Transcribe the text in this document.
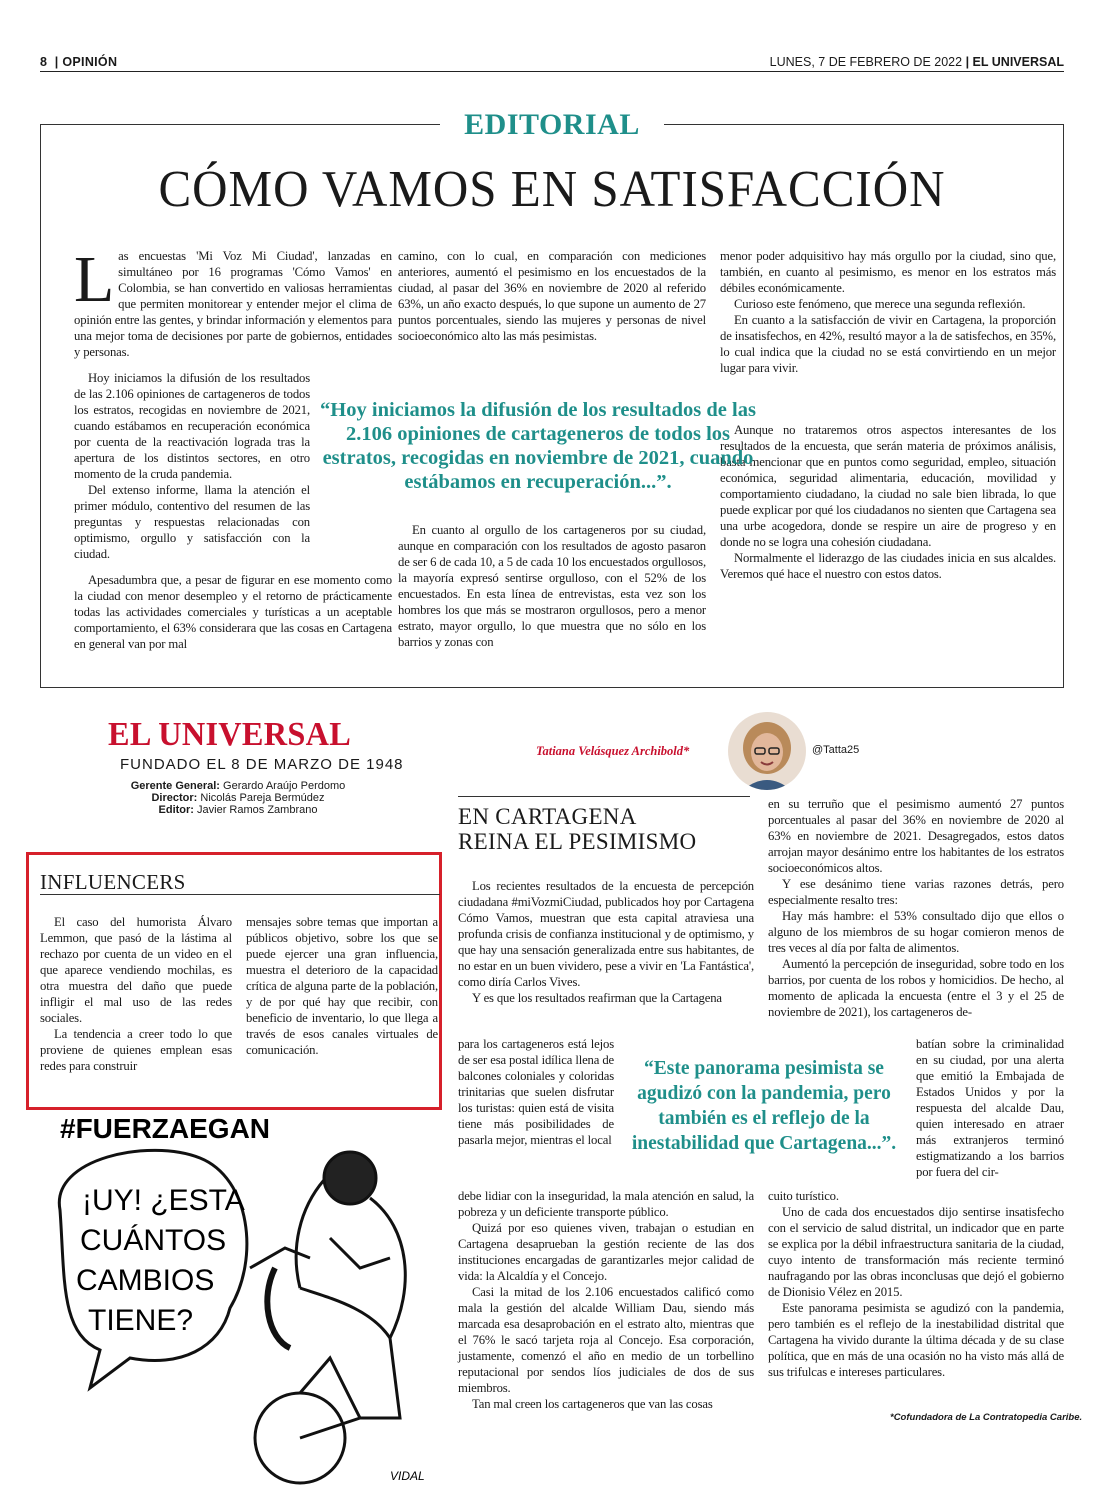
8  | OPINIÓN	LUNES, 7 DE FEBRERO DE 2022 | EL UNIVERSAL
EDITORIAL
CÓMO VAMOS EN SATISFACCIÓN
L as encuestas 'Mi Voz Mi Ciudad', lanzadas en simultáneo por 16 programas 'Cómo Vamos' en Colombia, se han convertido en valiosas herramientas que permiten monitorear y entender mejor el clima de opinión entre las gentes, y brindar información y elementos para una mejor toma de decisiones por parte de gobiernos, entidades y personas.

Hoy iniciamos la difusión de los resultados de las 2.106 opiniones de cartageneros de todos los estratos, recogidas en noviembre de 2021, cuando estábamos en recuperación económica por cuenta de la reactivación lograda tras la apertura de los distintos sectores, en otro momento de la cruda pandemia.

Del extenso informe, llama la atención el primer módulo, contentivo del resumen de las preguntas y respuestas relacionadas con optimismo, orgullo y satisfacción con la ciudad.

Apesadumbra que, a pesar de figurar en ese momento como la ciudad con menor desempleo y el retorno de prácticamente todas las actividades comerciales y turísticas a un aceptable comportamiento, el 63% considerara que las cosas en Cartagena en general van por mal

camino, con lo cual, en comparación con mediciones anteriores, aumentó el pesimismo en los encuestados de la ciudad, al pasar del 36% en noviembre de 2020 al referido 63%, un año exacto después, lo que supone un aumento de 27 puntos porcentuales, siendo las mujeres y personas de nivel socioeconómico alto las más pesimistas.

En cuanto al orgullo de los cartageneros por su ciudad, aunque en comparación con los resultados de agosto pasaron de ser 6 de cada 10, a 5 de cada 10 los encuestados orgullosos, la mayoría expresó sentirse orgulloso, con el 52% de los encuestados. En esta línea de entrevistas, esta vez son los hombres los que más se mostraron orgullosos, pero a menor estrato, mayor orgullo, lo que muestra que no sólo en los barrios y zonas con

menor poder adquisitivo hay más orgullo por la ciudad, sino que, también, en cuanto al pesimismo, es menor en los estratos más débiles económicamente.

Curioso este fenómeno, que merece una segunda reflexión.

En cuanto a la satisfacción de vivir en Cartagena, la proporción de insatisfechos, en 42%, resultó mayor a la de satisfechos, en 35%, lo cual indica que la ciudad no se está convirtiendo en un mejor lugar para vivir.

Aunque no trataremos otros aspectos interesantes de los resultados de la encuesta, que serán materia de próximos análisis, basta mencionar que en puntos como seguridad, empleo, situación económica, seguridad alimentaria, educación, movilidad y comportamiento ciudadano, la ciudad no sale bien librada, lo que puede explicar por qué los ciudadanos no sienten que Cartagena sea una urbe acogedora, donde se respire un aire de progreso y en donde no se logra una cohesión ciudadana.

Normalmente el liderazgo de las ciudades inicia en sus alcaldes. Veremos qué hace el nuestro con estos datos.

“Hoy iniciamos la difusión de los resultados de las 2.106 opiniones de cartageneros de todos los estratos, recogidas en noviembre de 2021, cuando estábamos en recuperación...”.
EL UNIVERSAL
FUNDADO EL 8 DE MARZO DE 1948
Gerente General: Gerardo Araújo Perdomo
Director: Nicolás Pareja Bermúdez
Editor: Javier Ramos Zambrano
INFLUENCERS

El caso del humorista Álvaro Lemmon, que pasó de la lástima al rechazo por cuenta de un video en el que aparece vendiendo mochilas, es otra muestra del daño que puede infligir el mal uso de las redes sociales.

La tendencia a creer todo lo que proviene de quienes emplean esas redes para construir

mensajes sobre temas que importan a públicos objetivo, sobre los que se puede ejercer una gran influencia, muestra el deterioro de la capacidad crítica de alguna parte de la población, y de por qué hay que recibir, con beneficio de inventario, lo que llega a través de esos canales virtuales de comunicación.

#FUERZAEGAN
¡UY! ¿ESTA
CUÁNTOS
CAMBIOS
TIENE?
VIDAL
Tatiana Velásquez Archibold*	@Tatta25
EN CARTAGENA
REINA EL PESIMISMO

Los recientes resultados de la encuesta de percepción ciudadana #miVozmiCiudad, publicados hoy por Cartagena Cómo Vamos, muestran que esta capital atraviesa una profunda crisis de confianza institucional y de optimismo, y que hay una sensación generalizada entre sus habitantes, de no estar en un buen vividero, pese a vivir en 'La Fantástica', como diría Carlos Vives.

Y es que los resultados reafirman que la Cartagena

para los cartageneros está lejos de ser esa postal idílica llena de balcones coloniales y coloridas trinitarias que suelen disfrutar los turistas: quien está de visita tiene más posibilidades de pasarla mejor, mientras el local

debe lidiar con la inseguridad, la mala atención en salud, la pobreza y un deficiente transporte público.

Quizá por eso quienes viven, trabajan o estudian en Cartagena desaprueban la gestión reciente de las dos instituciones encargadas de garantizarles mejor calidad de vida: la Alcaldía y el Concejo.

Casi la mitad de los 2.106 encuestados calificó como mala la gestión del alcalde William Dau, siendo más marcada esa desaprobación en el estrato alto, mientras que el 76% le sacó tarjeta roja al Concejo. Esa corporación, justamente, comenzó el año en medio de un torbellino reputacional por sendos líos judiciales de dos de sus miembros.

Tan mal creen los cartageneros que van las cosas

en su terruño que el pesimismo aumentó 27 puntos porcentuales al pasar del 36% en noviembre de 2020 al 63% en noviembre de 2021. Desagregados, estos datos arrojan mayor desánimo entre los habitantes de los estratos socioeconómicos altos.

Y ese desánimo tiene varias razones detrás, pero especialmente resalto tres:

Hay más hambre: el 53% consultado dijo que ellos o alguno de los miembros de su hogar comieron menos de tres veces al día por falta de alimentos.

Aumentó la percepción de inseguridad, sobre todo en los barrios, por cuenta de los robos y homicidios. De hecho, al momento de aplicada la encuesta (entre el 3 y el 25 de noviembre de 2021), los cartageneros de-

batían sobre la criminalidad en su ciudad, por una alerta que emitió la Embajada de Estados Unidos y por la respuesta del alcalde Dau, quien interesado en atraer más extranjeros terminó estigmatizando a los barrios por fuera del cir-

cuito turístico.

Uno de cada dos encuestados dijo sentirse insatisfecho con el servicio de salud distrital, un indicador que en parte se explica por la débil infraestructura sanitaria de la ciudad, cuyo intento de transformación más reciente terminó naufragando por las obras inconclusas que dejó el gobierno de Dionisio Vélez en 2015.

Este panorama pesimista se agudizó con la pandemia, pero también es el reflejo de la inestabilidad distrital que Cartagena ha vivido durante la última década y de su clase política, que en más de una ocasión no ha visto más allá de sus trifulcas e intereses particulares.

“Este panorama pesimista se agudizó con la pandemia, pero también es el reflejo de la inestabilidad que Cartagena...”.
*Cofundadora de La Contratopedia Caribe.
